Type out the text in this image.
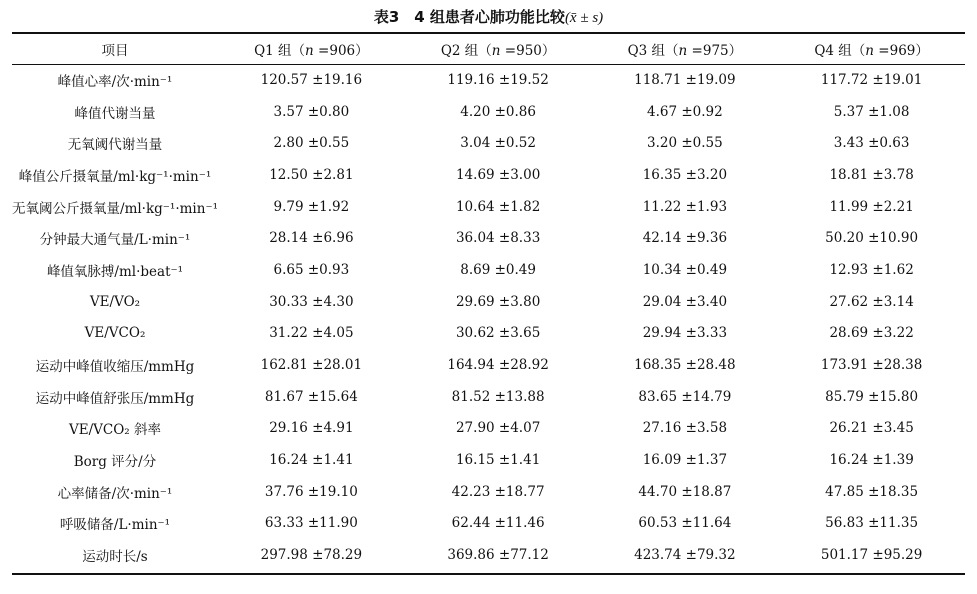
表3　4 组患者心肺功能比较(x̄ ± s)
项目	Q1 组（n =906）	Q2 组（n =950）	Q3 组（n =975）	Q4 组（n =969）
峰值心率/次·min⁻¹	120.57 ±19.16	119.16 ±19.52	118.71 ±19.09	117.72 ±19.01
峰值代谢当量	3.57 ±0.80	4.20 ±0.86	4.67 ±0.92	5.37 ±1.08
无氧阈代谢当量	2.80 ±0.55	3.04 ±0.52	3.20 ±0.55	3.43 ±0.63
峰值公斤摄氧量/ml·kg⁻¹·min⁻¹	12.50 ±2.81	14.69 ±3.00	16.35 ±3.20	18.81 ±3.78
无氧阈公斤摄氧量/ml·kg⁻¹·min⁻¹	9.79 ±1.92	10.64 ±1.82	11.22 ±1.93	11.99 ±2.21
分钟最大通气量/L·min⁻¹	28.14 ±6.96	36.04 ±8.33	42.14 ±9.36	50.20 ±10.90
峰值氧脉搏/ml·beat⁻¹	6.65 ±0.93	8.69 ±0.49	10.34 ±0.49	12.93 ±1.62
VE/VO₂	30.33 ±4.30	29.69 ±3.80	29.04 ±3.40	27.62 ±3.14
VE/VCO₂	31.22 ±4.05	30.62 ±3.65	29.94 ±3.33	28.69 ±3.22
运动中峰值收缩压/mmHg	162.81 ±28.01	164.94 ±28.92	168.35 ±28.48	173.91 ±28.38
运动中峰值舒张压/mmHg	81.67 ±15.64	81.52 ±13.88	83.65 ±14.79	85.79 ±15.80
VE/VCO₂ 斜率	29.16 ±4.91	27.90 ±4.07	27.16 ±3.58	26.21 ±3.45
Borg 评分/分	16.24 ±1.41	16.15 ±1.41	16.09 ±1.37	16.24 ±1.39
心率储备/次·min⁻¹	37.76 ±19.10	42.23 ±18.77	44.70 ±18.87	47.85 ±18.35
呼吸储备/L·min⁻¹	63.33 ±11.90	62.44 ±11.46	60.53 ±11.64	56.83 ±11.35
运动时长/s	297.98 ±78.29	369.86 ±77.12	423.74 ±79.32	501.17 ±95.29
